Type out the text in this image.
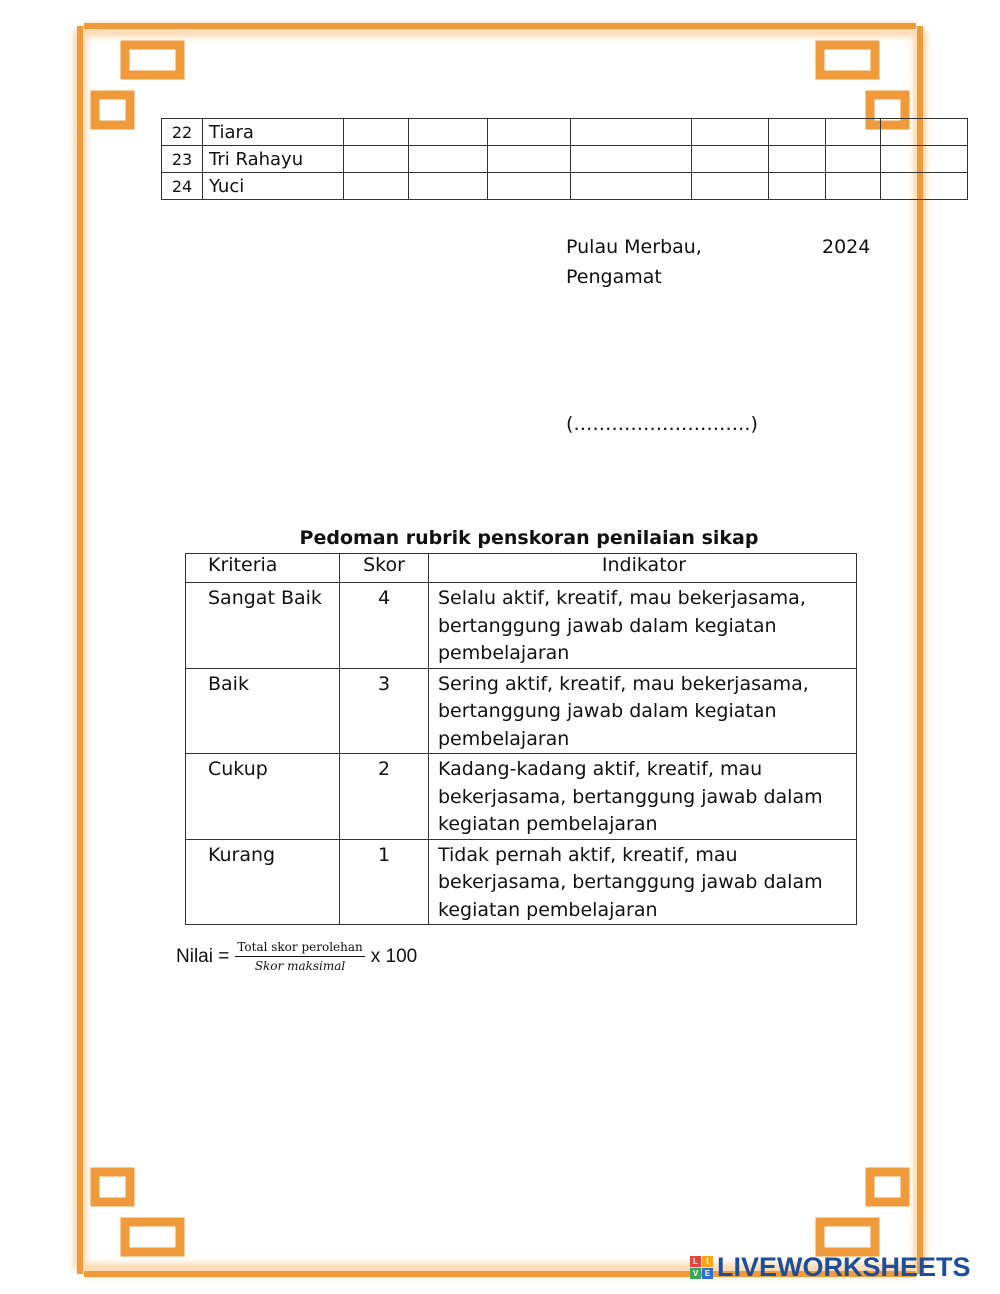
22	Tiara								
23	Tri Rahayu								
24	Yuci								
Pulau Merbau,	2024
Pengamat
(……………………….)
Pedoman rubrik penskoran penilaian sikap
Kriteria	Skor	Indikator
Sangat Baik	4	Selalu aktif, kreatif, mau bekerjasama, bertanggung jawab dalam kegiatan pembelajaran
Baik	3	Sering aktif, kreatif, mau bekerjasama, bertanggung jawab dalam kegiatan pembelajaran
Cukup	2	Kadang-kadang aktif, kreatif, mau bekerjasama, bertanggung jawab dalam kegiatan pembelajaran
Kurang	1	Tidak pernah aktif, kreatif, mau bekerjasama, bertanggung jawab dalam kegiatan pembelajaran
Nilai = $\frac{\text{Total skor perolehan}}{\text{Skor maksimal}}$ x 100
L	I
V E LIVEWORKSHEETS
